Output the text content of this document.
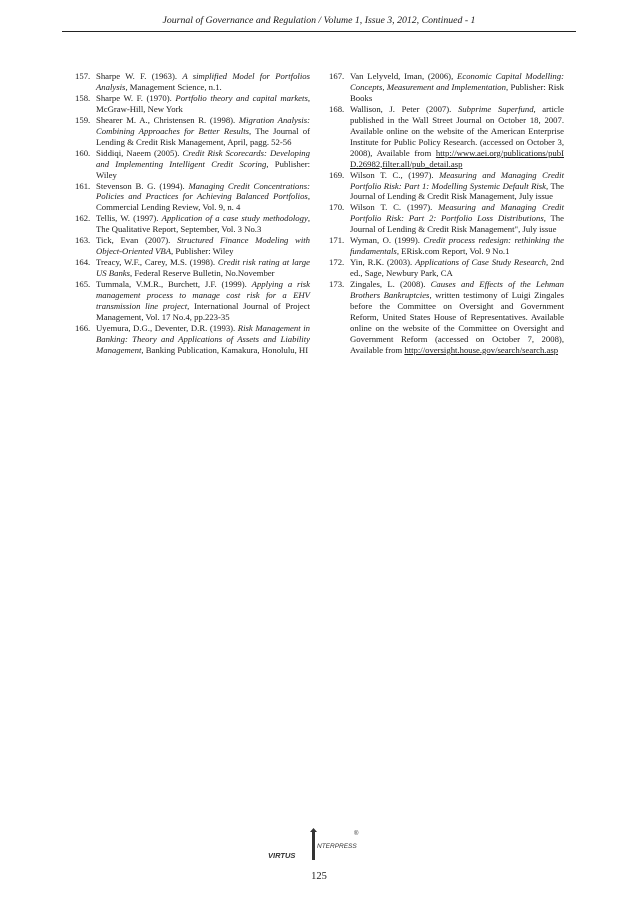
Journal of Governance and Regulation / Volume 1, Issue 3, 2012, Continued - 1
157. Sharpe W. F. (1963). A simplified Model for Portfolios Analysis, Management Science, n.1.
158. Sharpe W. F. (1970). Portfolio theory and capital markets, McGraw-Hill, New York
159. Shearer M. A., Christensen R. (1998). Migration Analysis: Combining Approaches for Better Results, The Journal of Lending & Credit Risk Management, April, pagg. 52-56
160. Siddiqi, Naeem (2005). Credit Risk Scorecards: Developing and Implementing Intelligent Credit Scoring, Publisher: Wiley
161. Stevenson B. G. (1994). Managing Credit Concentrations: Policies and Practices for Achieving Balanced Portfolios, Commercial Lending Review, Vol. 9, n. 4
162. Tellis, W. (1997). Application of a case study methodology, The Qualitative Report, September, Vol. 3 No.3
163. Tick, Evan (2007). Structured Finance Modeling with Object-Oriented VBA, Publisher: Wiley
164. Treacy, W.F., Carey, M.S. (1998). Credit risk rating at large US Banks, Federal Reserve Bulletin, No.November
165. Tummala, V.M.R., Burchett, J.F. (1999). Applying a risk management process to manage cost risk for a EHV transmission line project, International Journal of Project Management, Vol. 17 No.4, pp.223-35
166. Uyemura, D.G., Deventer, D.R. (1993). Risk Management in Banking: Theory and Applications of Assets and Liability Management, Banking Publication, Kamakura, Honolulu, HI
167. Van Lelyveld, Iman, (2006), Economic Capital Modelling: Concepts, Measurement and Implementation, Publisher: Risk Books
168. Wallison, J. Peter (2007). Subprime Superfund, article published in the Wall Street Journal on October 18, 2007. Available online on the website of the American Enterprise Institute for Public Policy Research. (accessed on October 3, 2008), Available from http://www.aei.org/publications/pubID.26982,filter.all/pub_detail.asp
169. Wilson T. C., (1997). Measuring and Managing Credit Portfolio Risk: Part 1: Modelling Systemic Default Risk, The Journal of Lending & Credit Risk Management, July issue
170. Wilson T. C. (1997). Measuring and Managing Credit Portfolio Risk: Part 2: Portfolio Loss Distributions, The Journal of Lending & Credit Risk Management", July issue
171. Wyman, O. (1999). Credit process redesign: rethinking the fundamentals, ERisk.com Report, Vol. 9 No.1
172. Yin, R.K. (2003). Applications of Case Study Research, 2nd ed., Sage, Newbury Park, CA
173. Zingales, L. (2008). Causes and Effects of the Lehman Brothers Bankruptcies, written testimony of Luigi Zingales before the Committee on Oversight and Government Reform, United States House of Representatives. Available online on the website of the Committee on Oversight and Government Reform (accessed on October 7, 2008), Available from http://oversight.house.gov/search/search.asp
VIRTUS
NTERPRESS
®
125
